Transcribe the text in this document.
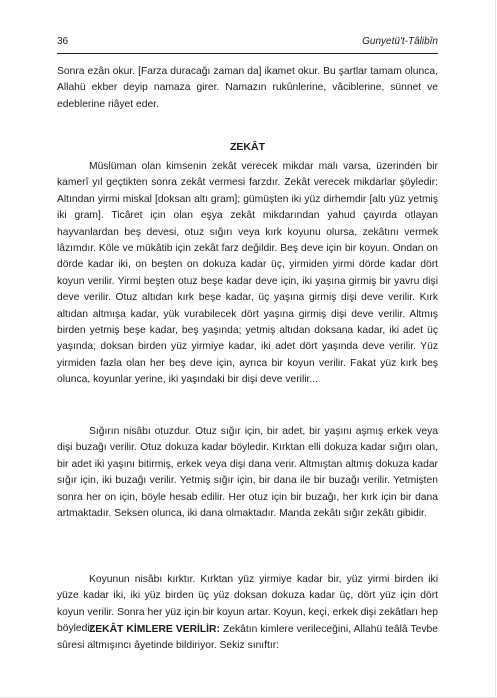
36	Gunyetü't-Tâlibîn

Sonra ezân okur. [Farza duracağı zaman da] ikamet okur. Bu şartlar tamam olunca, Allahü ekber deyip namaza girer. Namazın rukûnlerine, vâciblerine, sünnet ve edeblerine riâyet eder.

ZEKÂT

Müslüman olan kimsenin zekât verecek mikdar malı varsa, üzerinden bir kamerî yıl geçtikten sonra zekât vermesi farzdır. Zekât verecek mikdarlar şöyledir: Altından yirmi miskal [doksan altı gram]; gümüşten iki yüz dirhemdir [altı yüz yetmiş iki gram]. Ticâret için olan eşya zekât mikdarından yahud çayırda otlayan hayvanlardan beş devesi, otuz sığırı veya kırk koyunu olursa, zekâtını vermek lâzımdır. Köle ve mükâtib için zekât farz değildir. Beş deve için bir koyun. Ondan on dörde kadar iki, on beşten on dokuza kadar üç, yirmiden yirmi dörde kadar dört koyun verilir. Yirmi beşten otuz beşe kadar deve için, iki yaşına girmiş bir yavru dişi deve verilir. Otuz altıdan kırk beşe kadar, üç yaşına girmiş dişi deve verilir. Kırk altıdan altmışa kadar, yük vurabilecek dört yaşına girmiş dişi deve verilir. Altmış birden yetmiş beşe kadar, beş yaşında; yetmiş altıdan doksana kadar, iki adet üç yaşında; doksan birden yüz yirmiye kadar, iki adet dört yaşında deve verilir. Yüz yirmiden fazla olan her beş deve için, ayrıca bir koyun verilir. Fakat yüz kırk beş olunca, koyunlar yerine, iki yaşındaki bir dişi deve verilir...

Sığırın nisâbı otuzdur. Otuz sığır için, bir adet, bir yaşını aşmış erkek veya dişi buzağı verilir. Otuz dokuza kadar böyledir. Kırktan elli dokuza kadar sığırı olan, bir adet iki yaşını bitirmiş, erkek veya dişi dana verir. Altmıştan altmış dokuza kadar sığır için, iki buzağı verilir. Yetmiş sığır için, bir dana ile bir buzağı verilir. Yetmişten sonra her on için, böyle hesab edilir. Her otuz için bir buzağı, her kırk için bir dana artmaktadır. Seksen olunca, iki dana olmaktadır. Manda zekâtı sığır zekâtı gibidir.

Koyunun nisâbı kırktır. Kırktan yüz yirmiye kadar bir, yüz yirmi birden iki yüze kadar iki, iki yüz birden üç yüz doksan dokuza kadar üç, dört yüz için dört koyun verilir. Sonra her yüz için bir koyun artar. Koyun, keçi, erkek dişi zekâtları hep böyledir.

ZEKÂT KİMLERE VERİLİR: Zekâtın kimlere verileceğini, Allahü teâlâ Tevbe sûresi altmışıncı âyetinde bildiriyor. Sekiz sınıftır:
